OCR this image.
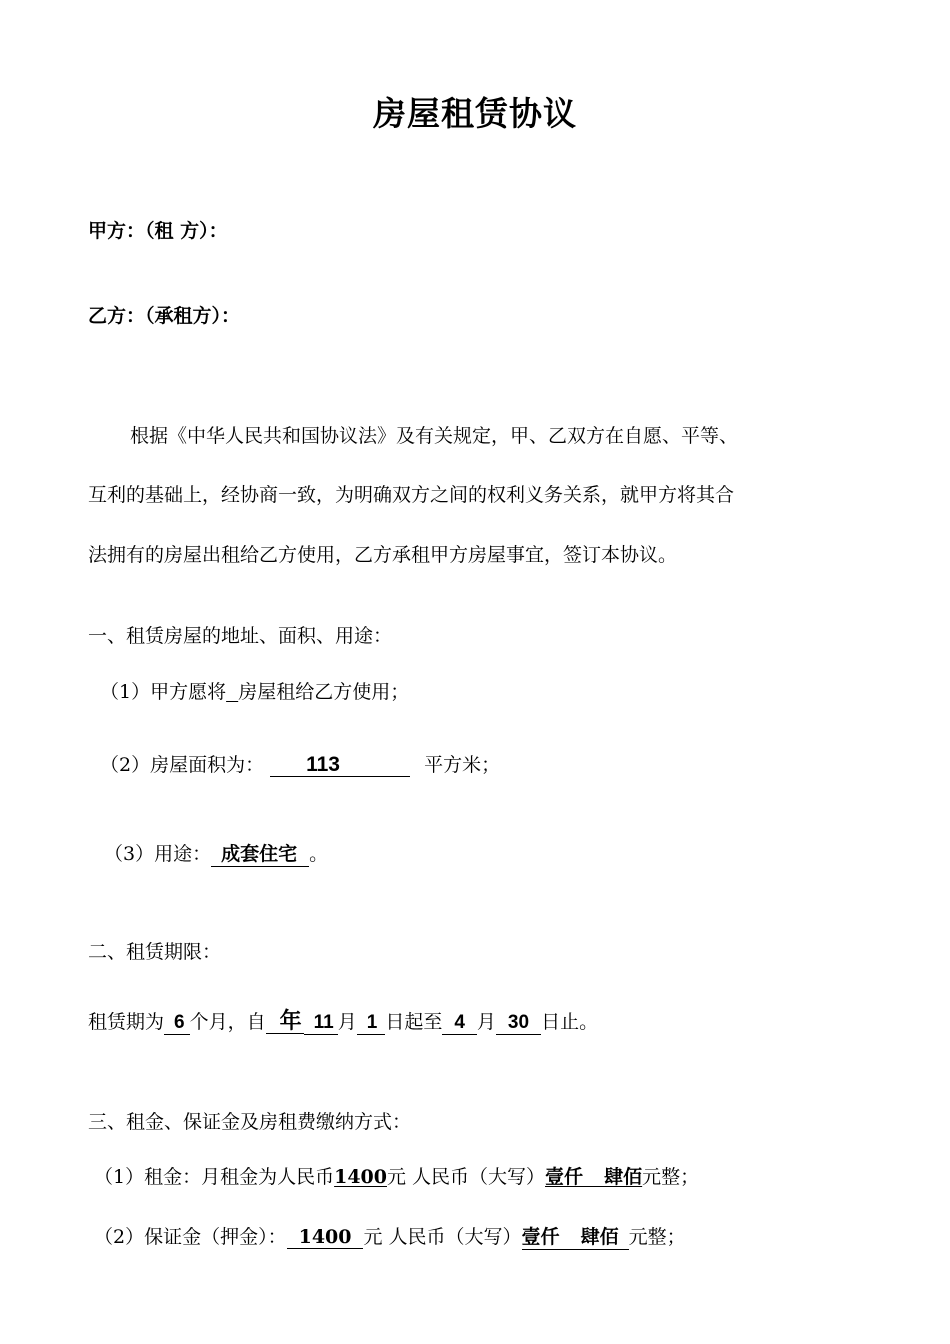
房屋租赁协议
甲方：（租 方）：
乙方：（承租方）：
根据《中华人民共和国协议法》及有关规定，甲、乙双方在自愿、平等、
互利的基础上，经协商一致，为明确双方之间的权利义务关系，就甲方将其合
法拥有的房屋出租给乙方使用，乙方承租甲方房屋事宜，签订本协议。
一、租赁房屋的地址、面积、用途：
（1）甲方愿将 房屋租给乙方使用；
（2）房屋面积为： 113	平方米；
（3）用途： 成套住宅 。
二、租赁期限：
租赁期为 6 个月，自 年 11 月 1 日起至 4 月 30 日止。
三、租金、保证金及房租费缴纳方式：
（1）租金：月租金为人民币1400元 人民币（大写）壹仟    肆佰元整；
（2）保证金（押金）： 1400 元 人民币（大写）壹仟    肆佰 元整；
